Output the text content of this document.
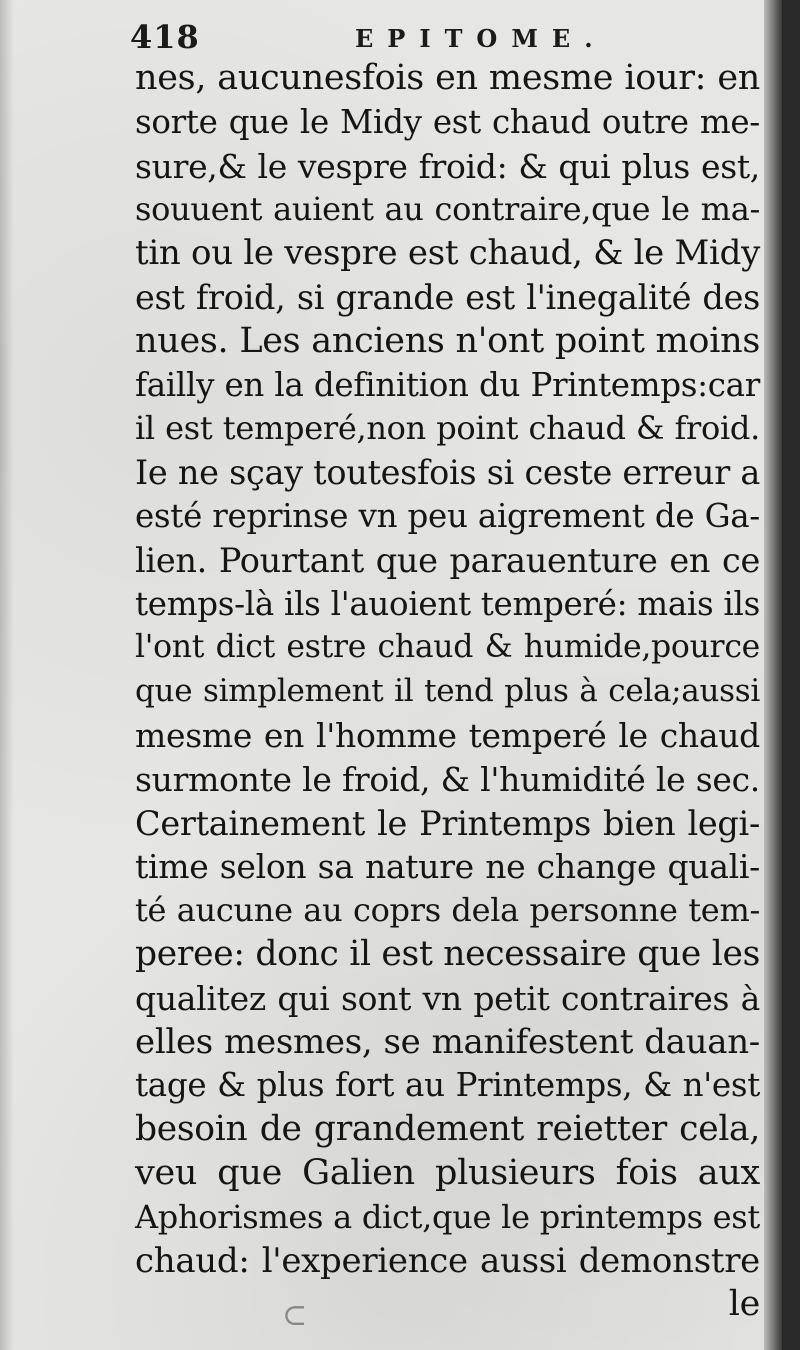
418	EPITOME.
nes, aucunesfois en mesme iour: en
sorte que le Midy est chaud outre me-
sure,& le vespre froid: & qui plus est,
souuent auient au contraire,que le ma-
tin ou le vespre est chaud, & le Midy
est froid, si grande est l'inegalité des
nues. Les anciens n'ont point moins
failly en la definition du Printemps:car
il est temperé,non point chaud & froid.
Ie ne sçay toutesfois si ceste erreur a
esté reprinse vn peu aigrement de Ga-
lien. Pourtant que parauenture en ce
temps-là ils l'auoient temperé: mais ils
l'ont dict estre chaud & humide,pource
que simplement il tend plus à cela;aussi
mesme en l'homme temperé le chaud
surmonte le froid, & l'humidité le sec.
Certainement le Printemps bien legi-
time selon sa nature ne change quali-
té aucune au coprs dela personne tem-
peree: donc il est necessaire que les
qualitez qui sont vn petit contraires à
elles mesmes, se manifestent dauan-
tage & plus fort au Printemps, & n'est
besoin de grandement reietter cela,
veu que Galien plusieurs fois aux
Aphorismes a dict,que le printemps est
chaud: l'experience aussi demonstre
le
⊂
